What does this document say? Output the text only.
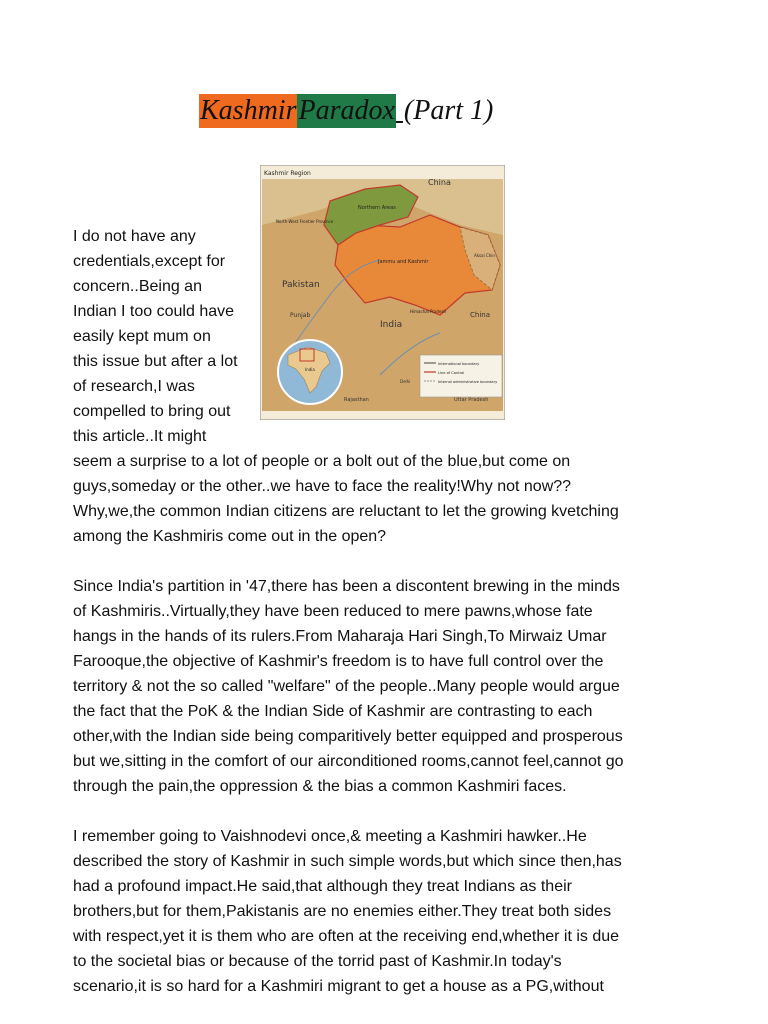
KashmirParadox (Part 1)
Kashmir Region
China
Northern Areas
North-West Frontier Province
Jammu and Kashmir
Aksai Chin
Pakistan
Punjab
Himachal Pradesh
India
China
Rajasthan	Uttar Pradesh
Delhi
International boundary
Line of Control
Internal administrative boundary
India
I do not have any
credentials,except for
concern..Being an
Indian I too could have
easily kept mum on
this issue but after a lot
of research,I was
compelled to bring out
this article..It might
seem a surprise to a lot of people or a bolt out of the blue,but come on
guys,someday or the other..we have to face the reality!Why not now??
Why,we,the common Indian citizens are reluctant to let the growing kvetching
among the Kashmiris come out in the open?
Since India's partition in '47,there has been a discontent brewing in the minds
of Kashmiris..Virtually,they have been reduced to mere pawns,whose fate
hangs in the hands of its rulers.From Maharaja Hari Singh,To Mirwaiz Umar
Farooque,the objective of Kashmir's freedom is to have full control over the
territory & not the so called "welfare" of the people..Many people would argue
the fact that the PoK & the Indian Side of Kashmir are contrasting to each
other,with the Indian side being comparitively better equipped and prosperous
but we,sitting in the comfort of our airconditioned rooms,cannot feel,cannot go
through the pain,the oppression & the bias a common Kashmiri faces.
I remember going to Vaishnodevi once,& meeting a Kashmiri hawker..He
described the story of Kashmir in such simple words,but which since then,has
had a profound impact.He said,that although they treat Indians as their
brothers,but for them,Pakistanis are no enemies either.They treat both sides
with respect,yet it is them who are often at the receiving end,whether it is due
to the societal bias or because of the torrid past of Kashmir.In today's
scenario,it is so hard for a Kashmiri migrant to get a house as a PG,without
